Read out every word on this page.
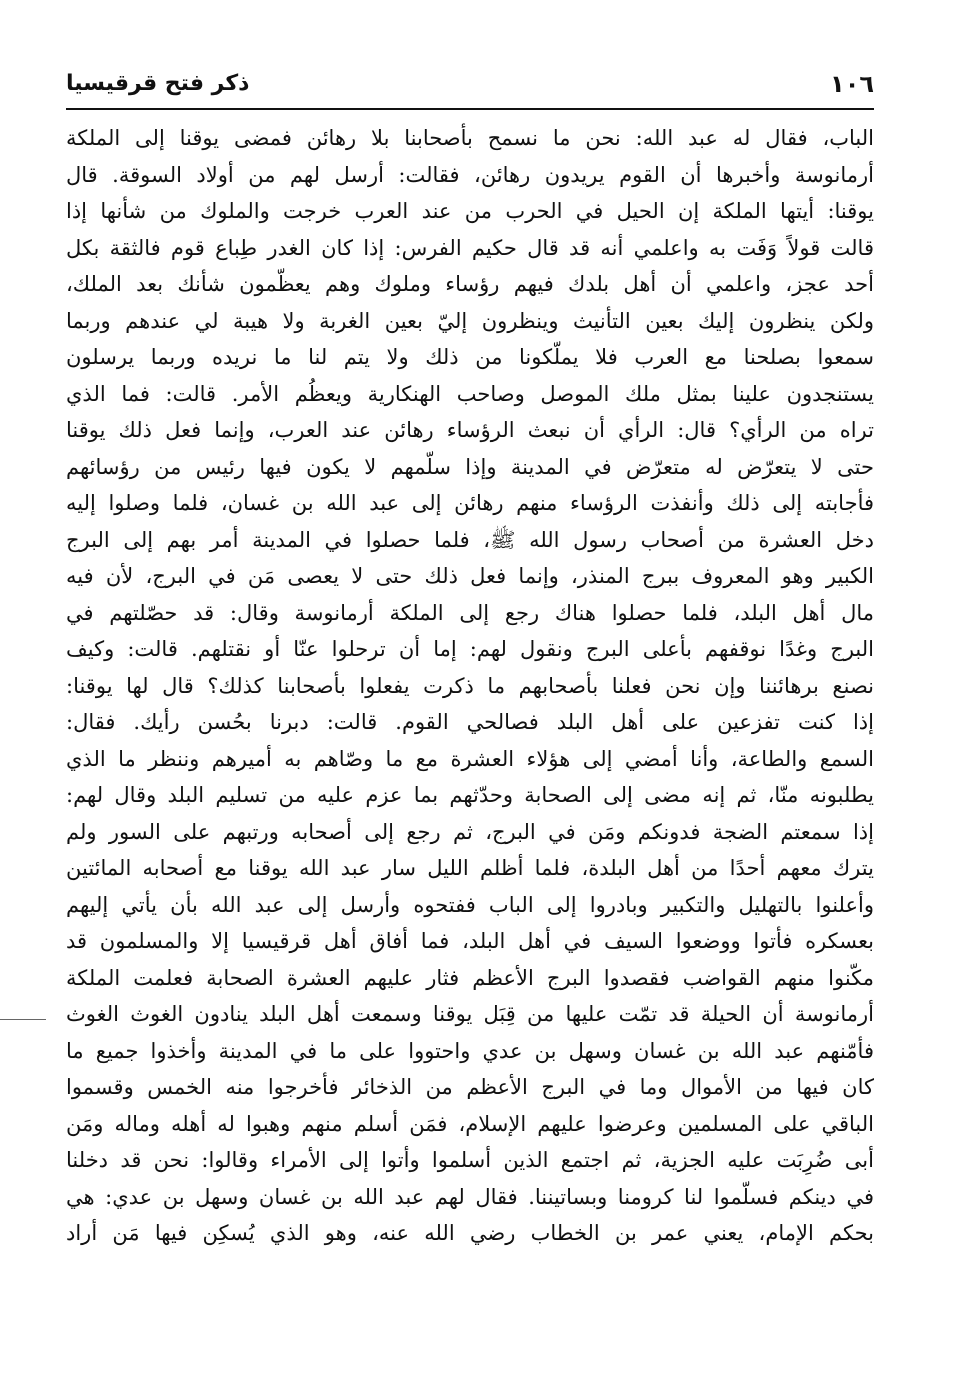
١٠٦
ذكر فتح قرقيسيا
الباب، فقال له عبد الله: نحن ما نسمح بأصحابنا بلا رهائن فمضى يوقنا إلى الملكة
أرمانوسة وأخبرها أن القوم يريدون رهائن، فقالت: أرسل لهم من أولاد السوقة. قال
يوقنا: أيتها الملكة إن الحيل في الحرب من عند العرب خرجت والملوك من شأنها إذا
قالت قولاً وَفَت به واعلمي أنه قد قال حكيم الفرس: إذا كان الغدر طِباع قوم فالثقة بكل
أحد عجز، واعلمي أن أهل بلدك فيهم رؤساء وملوك وهم يعظّمون شأنك بعد الملك،
ولكن ينظرون إليك بعين التأنيث وينظرون إليّ بعين الغربة ولا هيبة لي عندهم وربما
سمعوا بصلحنا مع العرب فلا يملّكونا من ذلك ولا يتم لنا ما نريده وربما يرسلون
يستنجدون علينا بمثل ملك الموصل وصاحب الهنكارية ويعظُم الأمر. قالت: فما الذي
تراه من الرأي؟ قال: الرأي أن نبعث الرؤساء رهائن عند العرب، وإنما فعل ذلك يوقنا
حتى لا يتعرّض له متعرّض في المدينة وإذا سلّمهم لا يكون فيها رئيس من رؤسائهم
فأجابته إلى ذلك وأنفذت الرؤساء منهم رهائن إلى عبد الله بن غسان، فلما وصلوا إليه
دخل العشرة من أصحاب رسول الله ﷺ، فلما حصلوا في المدينة أمر بهم إلى البرج
الكبير وهو المعروف ببرج المنذر، وإنما فعل ذلك حتى لا يعصى مَن في البرج، لأن فيه
مال أهل البلد، فلما حصلوا هناك رجع إلى الملكة أرمانوسة وقال: قد حصّلتهم في
البرج وغدًا نوقفهم بأعلى البرج ونقول لهم: إما أن ترحلوا عنّا أو نقتلهم. قالت: وكيف
نصنع برهائننا وإن نحن فعلنا بأصحابهم ما ذكرت يفعلوا بأصحابنا كذلك؟ قال لها يوقنا:
إذا كنت تفزعين على أهل البلد فصالحي القوم. قالت: دبرنا بحُسن رأيك. فقال:
السمع والطاعة، وأنا أمضي إلى هؤلاء العشرة مع ما وصّاهم به أميرهم وننظر ما الذي
يطلبونه منّا، ثم إنه مضى إلى الصحابة وحدّثهم بما عزم عليه من تسليم البلد وقال لهم:
إذا سمعتم الضجة فدونكم ومَن في البرج، ثم رجع إلى أصحابه ورتبهم على السور ولم
يترك معهم أحدًا من أهل البلدة، فلما أظلم الليل سار عبد الله يوقنا مع أصحابه المائتين
وأعلنوا بالتهليل والتكبير وبادروا إلى الباب ففتحوه وأرسل إلى عبد الله بأن يأتي إليهم
بعسكره فأتوا ووضعوا السيف في أهل البلد، فما أفاق أهل قرقيسيا إلا والمسلمون قد
مكّنوا منهم القواضب فقصدوا البرج الأعظم فثار عليهم العشرة الصحابة فعلمت الملكة
أرمانوسة أن الحيلة قد تمّت عليها من قِبَل يوقنا وسمعت أهل البلد ينادون الغوث الغوث
فأمّنهم عبد الله بن غسان وسهل بن عدي واحتووا على ما في المدينة وأخذوا جميع ما
كان فيها من الأموال وما في البرج الأعظم من الذخائر فأخرجوا منه الخمس وقسموا
الباقي على المسلمين وعرضوا عليهم الإسلام، فمَن أسلم منهم وهبوا له أهله وماله ومَن
أبى ضُرِبَت عليه الجزية، ثم اجتمع الذين أسلموا وأتوا إلى الأمراء وقالوا: نحن قد دخلنا
في دينكم فسلّموا لنا كرومنا وبساتيننا. فقال لهم عبد الله بن غسان وسهل بن عدي: هي
بحكم الإمام، يعني عمر بن الخطاب رضي الله عنه، وهو الذي يُسكِن فيها مَن أراد
